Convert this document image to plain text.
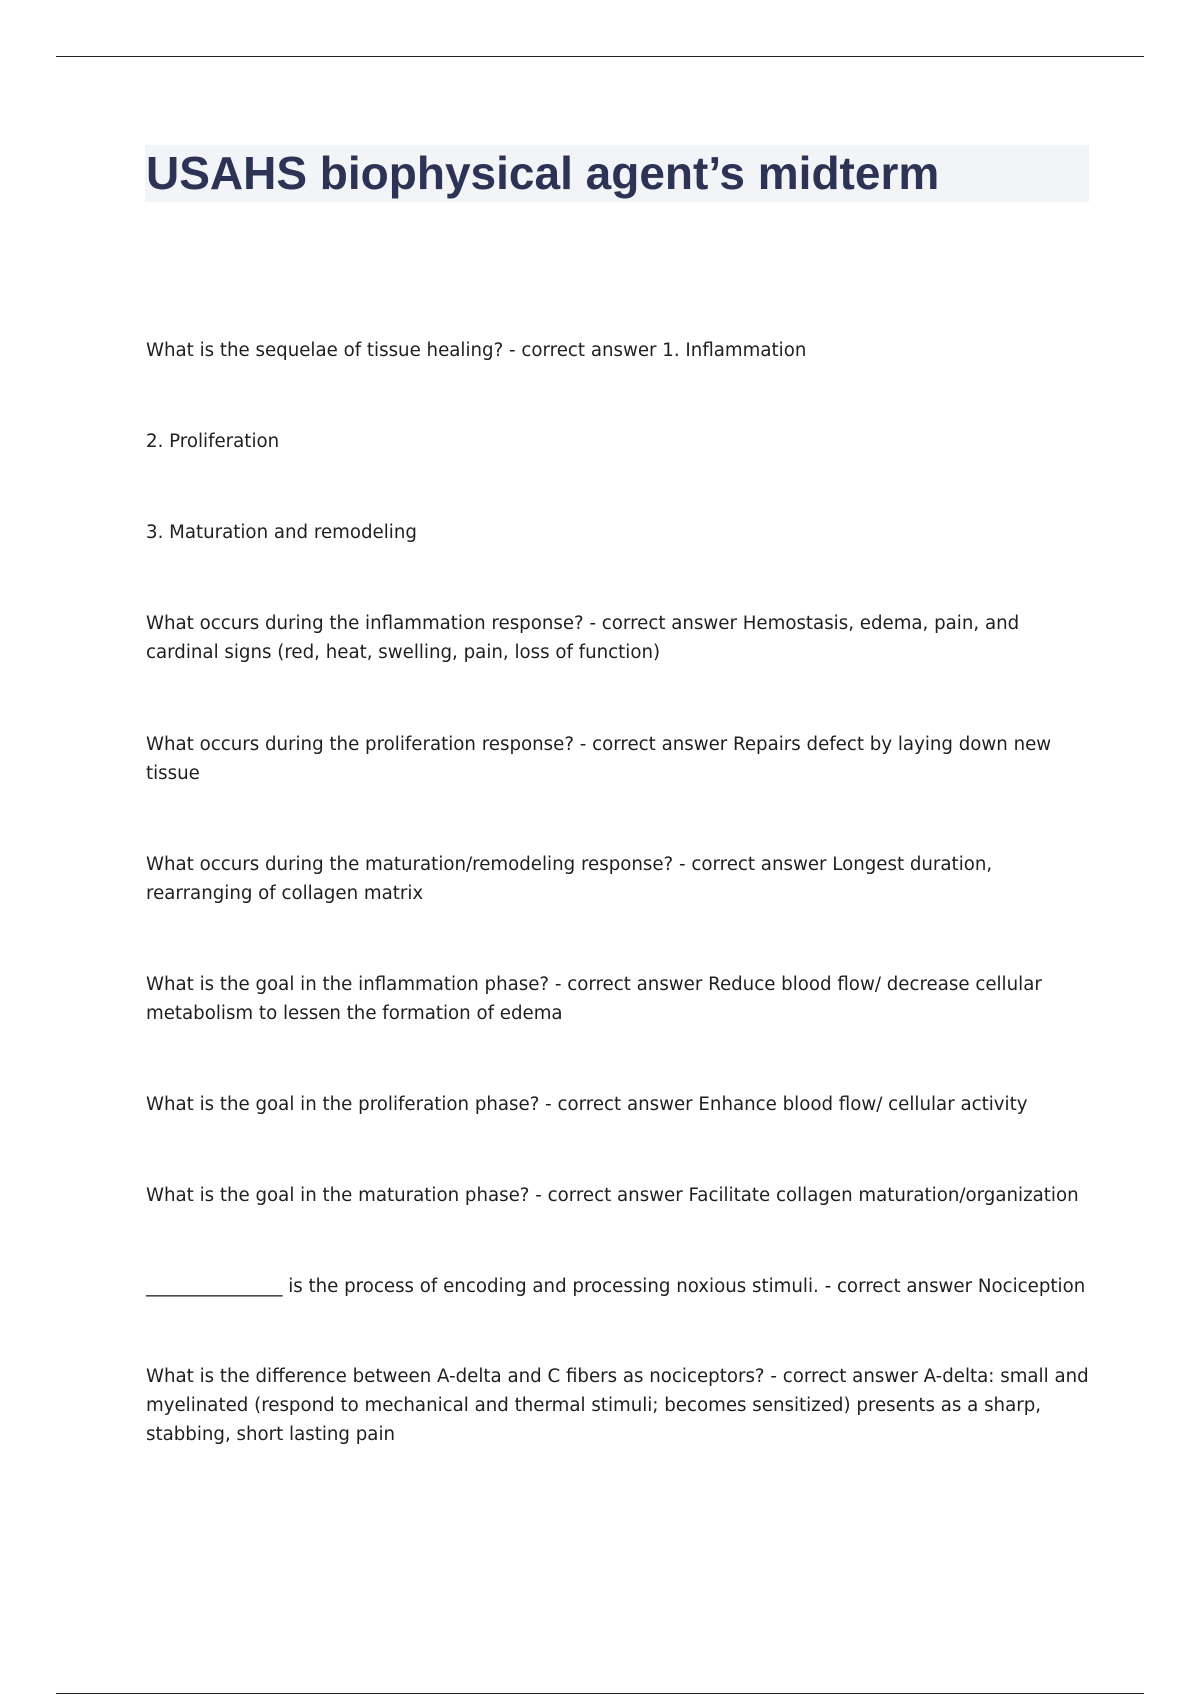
USAHS biophysical agent’s midterm

What is the sequelae of tissue healing? - correct answer 1. Inflammation

2. Proliferation

3. Maturation and remodeling

What occurs during the inflammation response? - correct answer Hemostasis, edema, pain, and cardinal signs (red, heat, swelling, pain, loss of function)

What occurs during the proliferation response? - correct answer Repairs defect by laying down new tissue

What occurs during the maturation/remodeling response? - correct answer Longest duration, rearranging of collagen matrix

What is the goal in the inflammation phase? - correct answer Reduce blood flow/ decrease cellular metabolism to lessen the formation of edema

What is the goal in the proliferation phase? - correct answer Enhance blood flow/ cellular activity

What is the goal in the maturation phase? - correct answer Facilitate collagen maturation/organization

_______________ is the process of encoding and processing noxious stimuli. - correct answer Nociception

What is the difference between A-delta and C fibers as nociceptors? - correct answer A-delta: small and myelinated (respond to mechanical and thermal stimuli; becomes sensitized) presents as a sharp, stabbing, short lasting pain
